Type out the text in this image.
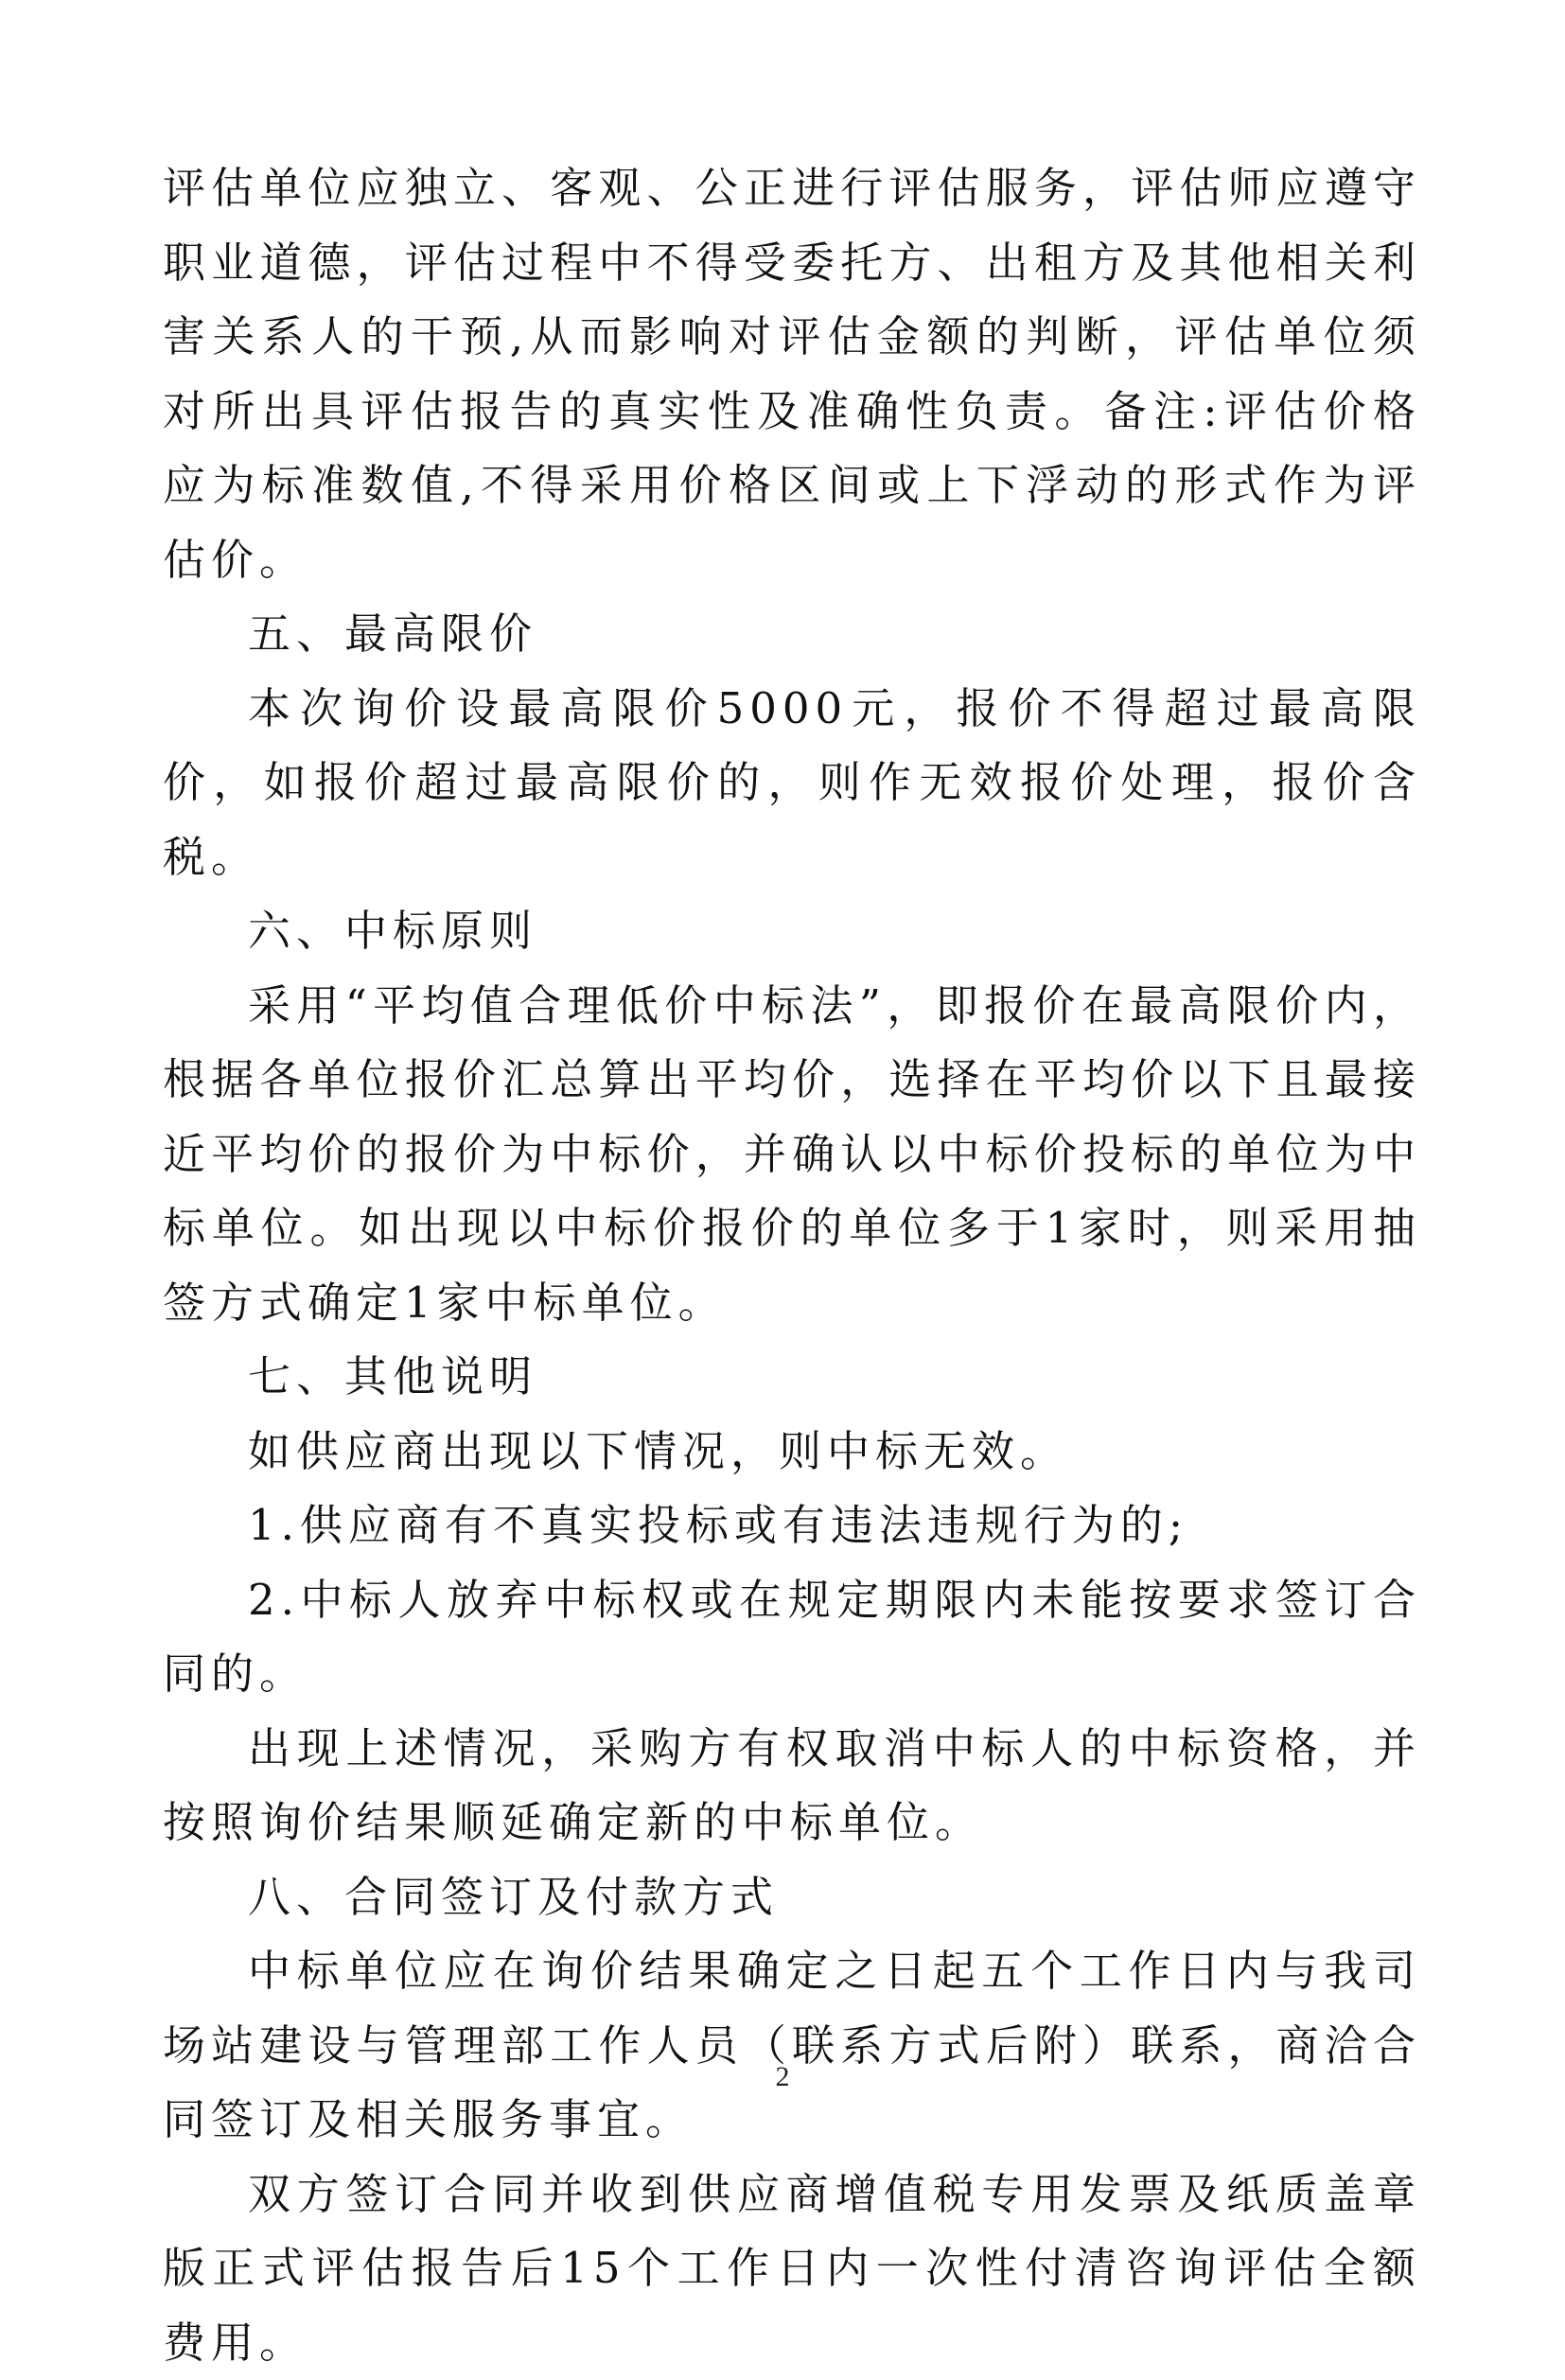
评估单位应独立、客观、公正进行评估服务，评估师应遵守职业道德，评估过程中不得受委托方、出租方及其他相关利害关系人的干预,从而影响对评估金额的判断，评估单位须对所出具评估报告的真实性及准确性负责。备注:评估价格应为标准数值,不得采用价格区间或上下浮动的形式作为评估价。

五、最高限价

本次询价设最高限价5000元，报价不得超过最高限价，如报价超过最高限价的，则作无效报价处理，报价含税。

六、中标原则

采用“平均值合理低价中标法”，即报价在最高限价内，根据各单位报价汇总算出平均价，选择在平均价以下且最接近平均价的报价为中标价，并确认以中标价投标的单位为中标单位。如出现以中标价报价的单位多于1家时，则采用抽签方式确定1家中标单位。

七、其他说明

如供应商出现以下情况，则中标无效。

1.供应商有不真实投标或有违法违规行为的;

2.中标人放弃中标权或在规定期限内未能按要求签订合同的。

出现上述情况，采购方有权取消中标人的中标资格，并按照询价结果顺延确定新的中标单位。

八、合同签订及付款方式

中标单位应在询价结果确定之日起五个工作日内与我司场站建设与管理部工作人员（联系方式后附）联系，商洽合同签订及相关服务事宜。

双方签订合同并收到供应商增值税专用发票及纸质盖章版正式评估报告后15个工作日内一次性付清咨询评估全额费用。

2
